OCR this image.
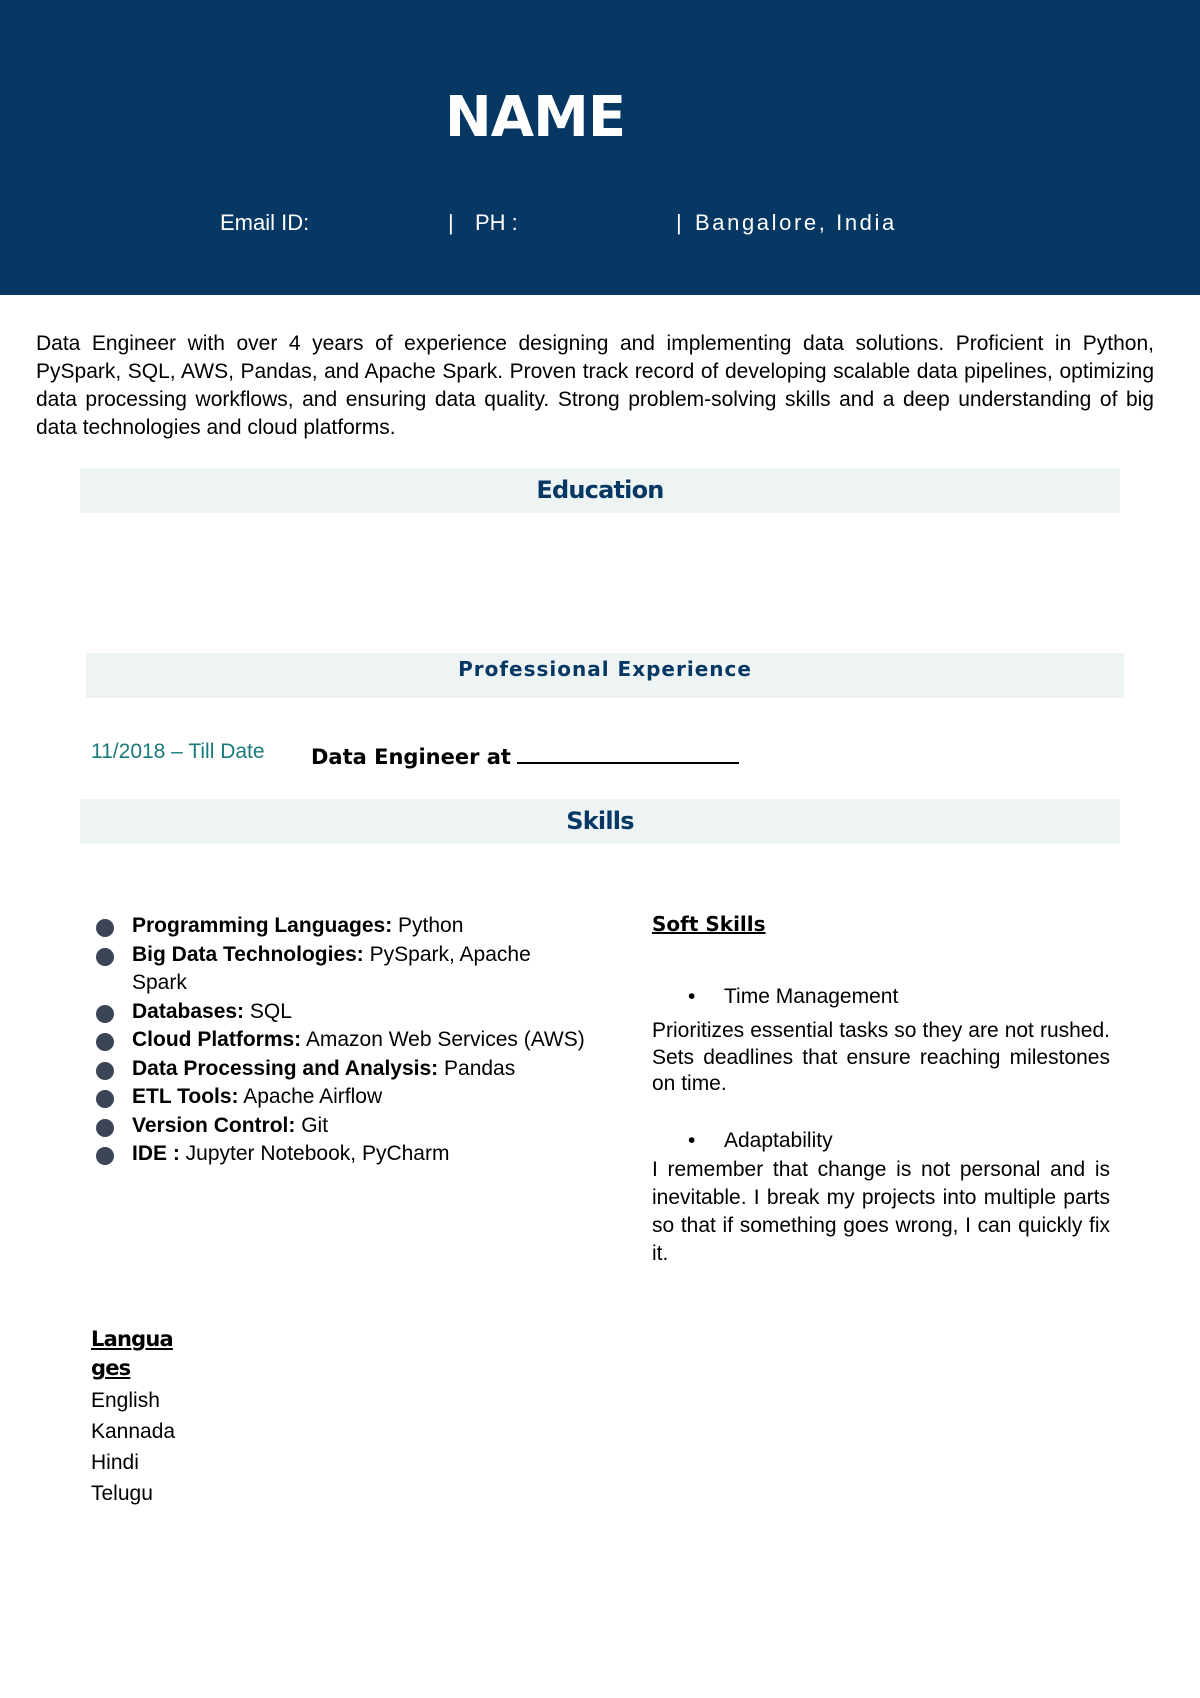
NAME
Email ID:	| PH :	| Bangalore, India
Data Engineer with over 4 years of experience designing and implementing data solutions. Proficient in Python, PySpark, SQL, AWS, Pandas, and Apache Spark. Proven track record of developing scalable data pipelines, optimizing data processing workflows, and ensuring data quality. Strong problem-solving skills and a deep understanding of big data technologies and cloud platforms.
Education
Professional Experience
11/2018 – Till Date Data Engineer at
Skills
Programming Languages: Python
Big Data Technologies: PySpark, Apache Spark
Databases: SQL
Cloud Platforms: Amazon Web Services (AWS)
Data Processing and Analysis: Pandas
ETL Tools: Apache Airflow
Version Control: Git
IDE : Jupyter Notebook, PyCharm
Soft Skills
• Time Management
Prioritizes essential tasks so they are not rushed. Sets deadlines that ensure reaching milestones on time.
• Adaptability
I remember that change is not personal and is inevitable. I break my projects into multiple parts so that if something goes wrong, I can quickly fix it.
Languages
English
Kannada
Hindi
Telugu
